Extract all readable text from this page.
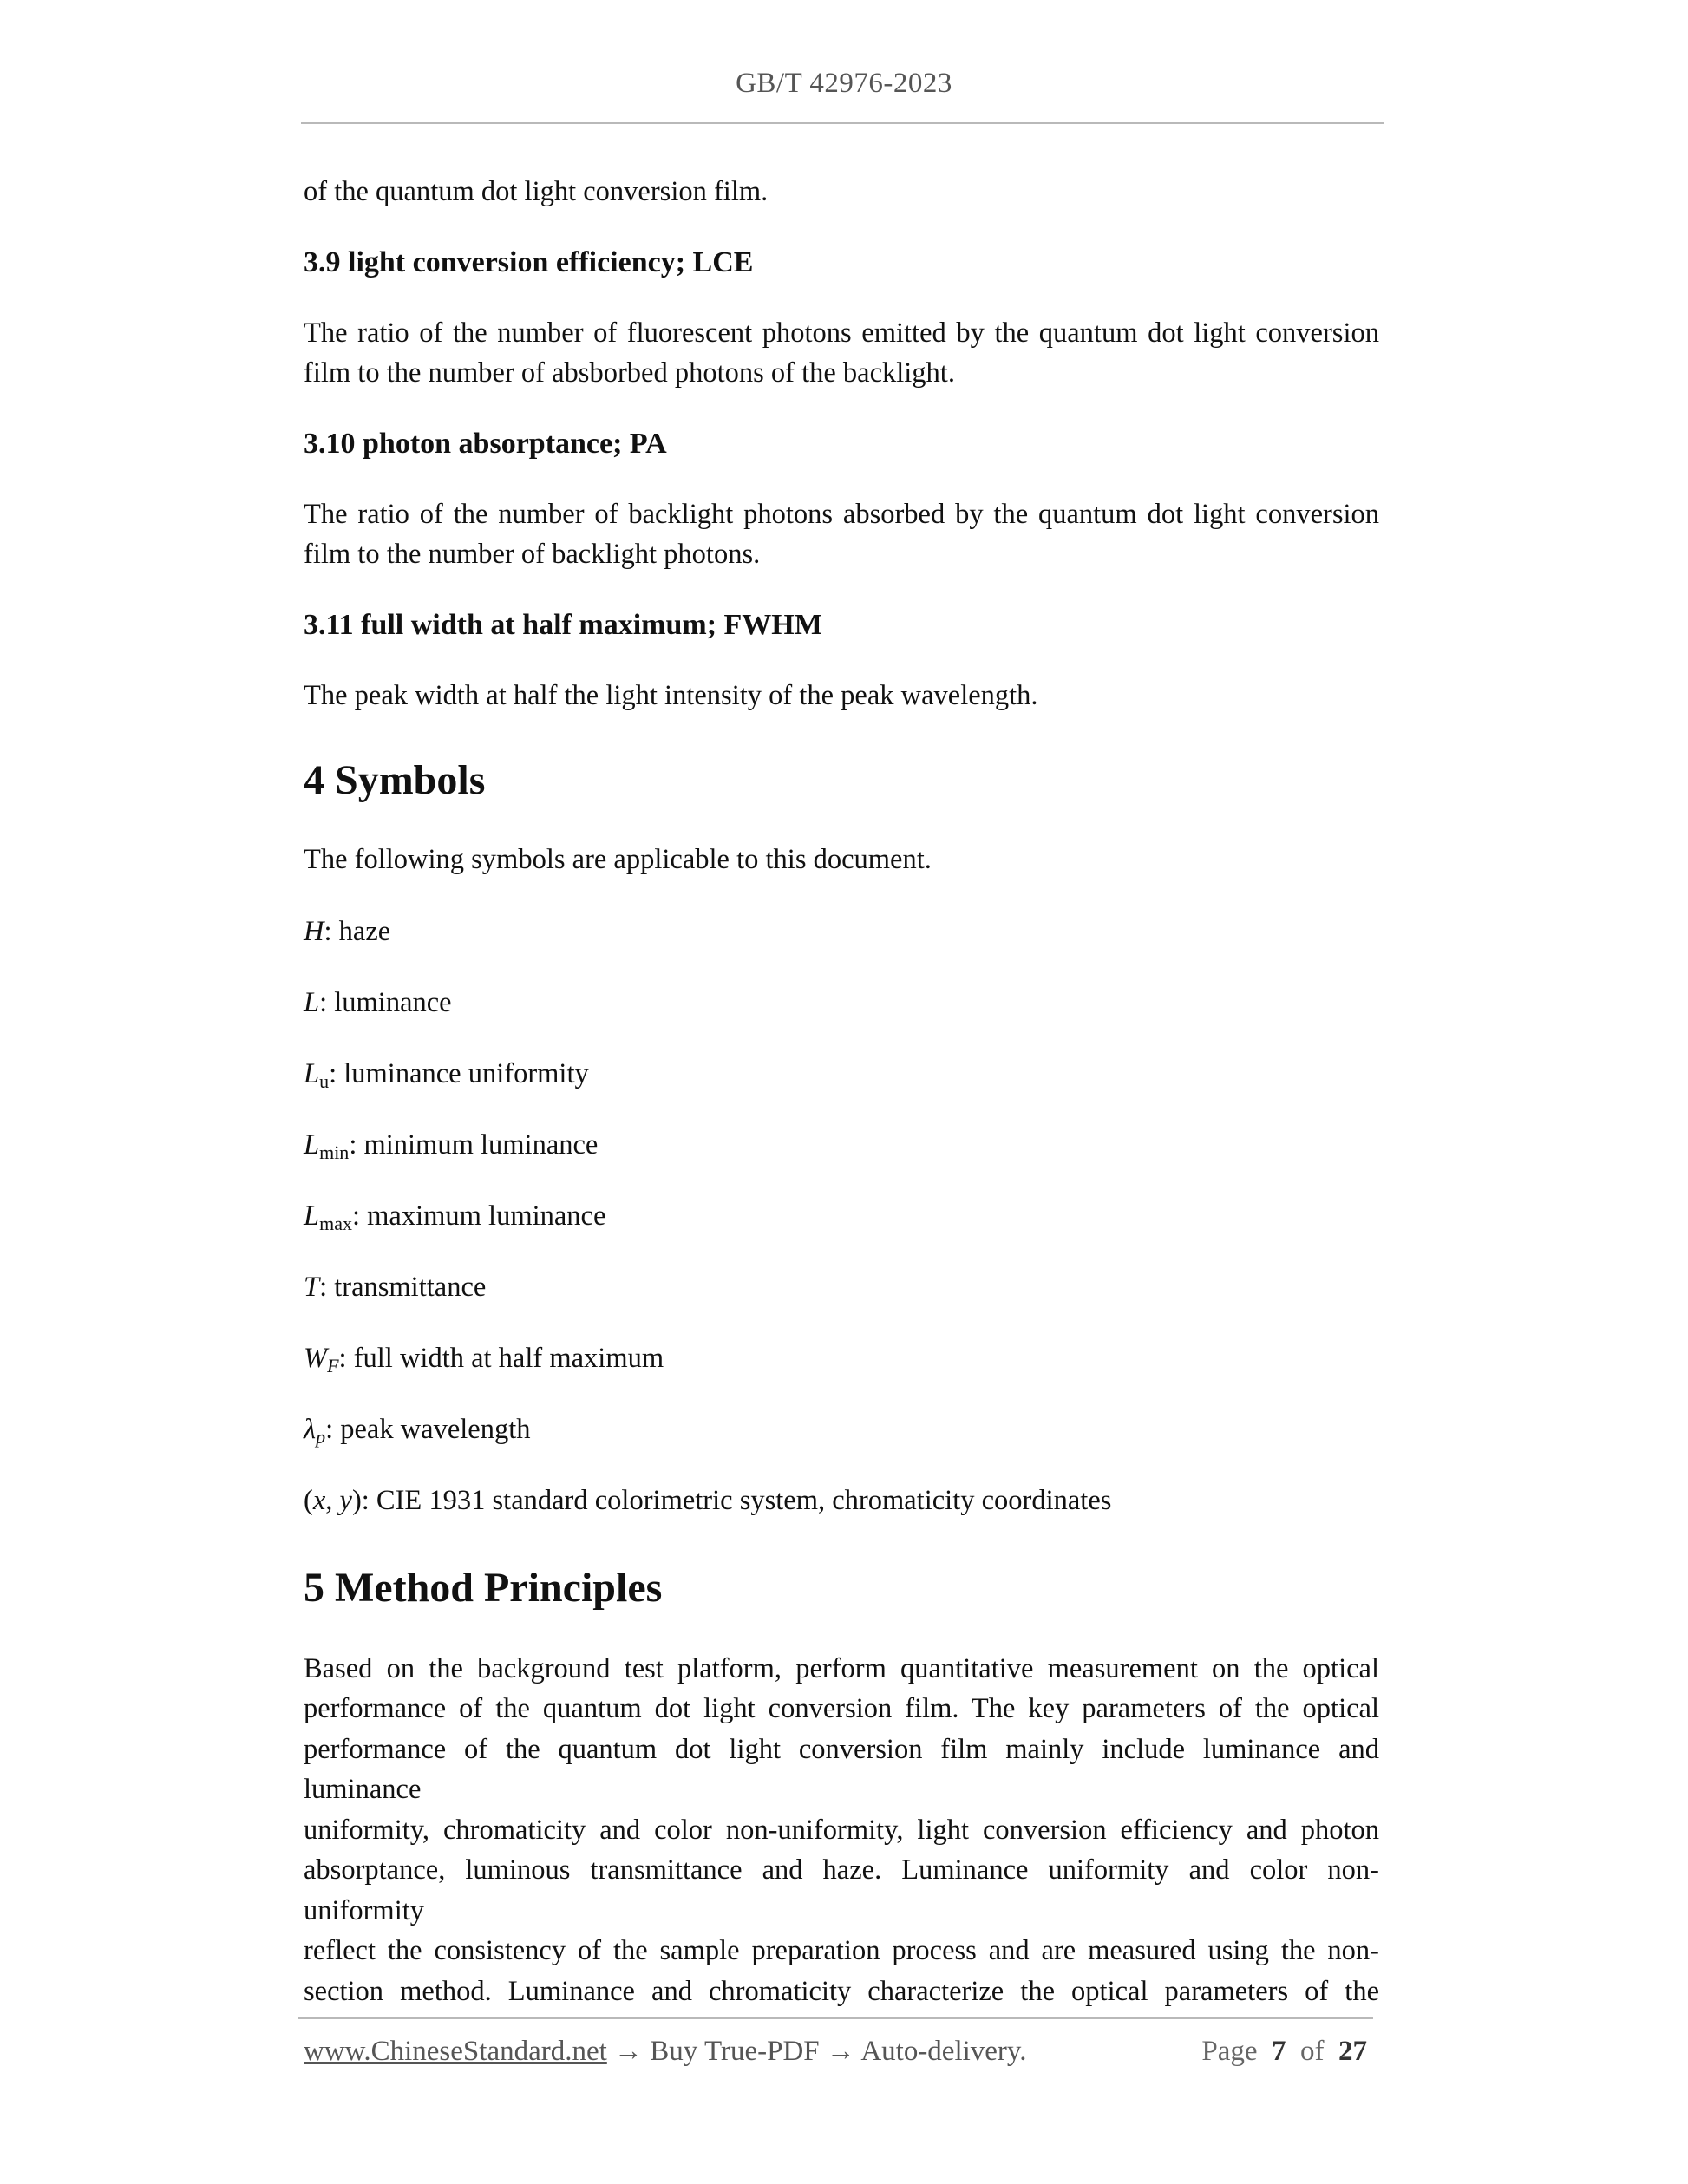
GB/T 42976-2023

of the quantum dot light conversion film.

3.9 light conversion efficiency; LCE

The ratio of the number of fluorescent photons emitted by the quantum dot light conversion

film to the number of absborbed photons of the backlight.

3.10 photon absorptance; PA

The ratio of the number of backlight photons absorbed by the quantum dot light conversion

film to the number of backlight photons.

3.11 full width at half maximum; FWHM

The peak width at half the light intensity of the peak wavelength.

4 Symbols

The following symbols are applicable to this document.

H: haze

L: luminance

Lu: luminance uniformity

Lmin: minimum luminance

Lmax: maximum luminance

T: transmittance

WF: full width at half maximum

λp: peak wavelength

(x, y): CIE 1931 standard colorimetric system, chromaticity coordinates

5 Method Principles

Based on the background test platform, perform quantitative measurement on the optical

performance of the quantum dot light conversion film. The key parameters of the optical

performance of the quantum dot light conversion film mainly include luminance and luminance

uniformity, chromaticity and color non-uniformity, light conversion efficiency and photon

absorptance, luminous transmittance and haze. Luminance uniformity and color non-uniformity

reflect the consistency of the sample preparation process and are measured using the non-

section method. Luminance and chromaticity characterize the optical parameters of the

www.ChineseStandard.net → Buy True-PDF → Auto-delivery.	Page 7 of 27
